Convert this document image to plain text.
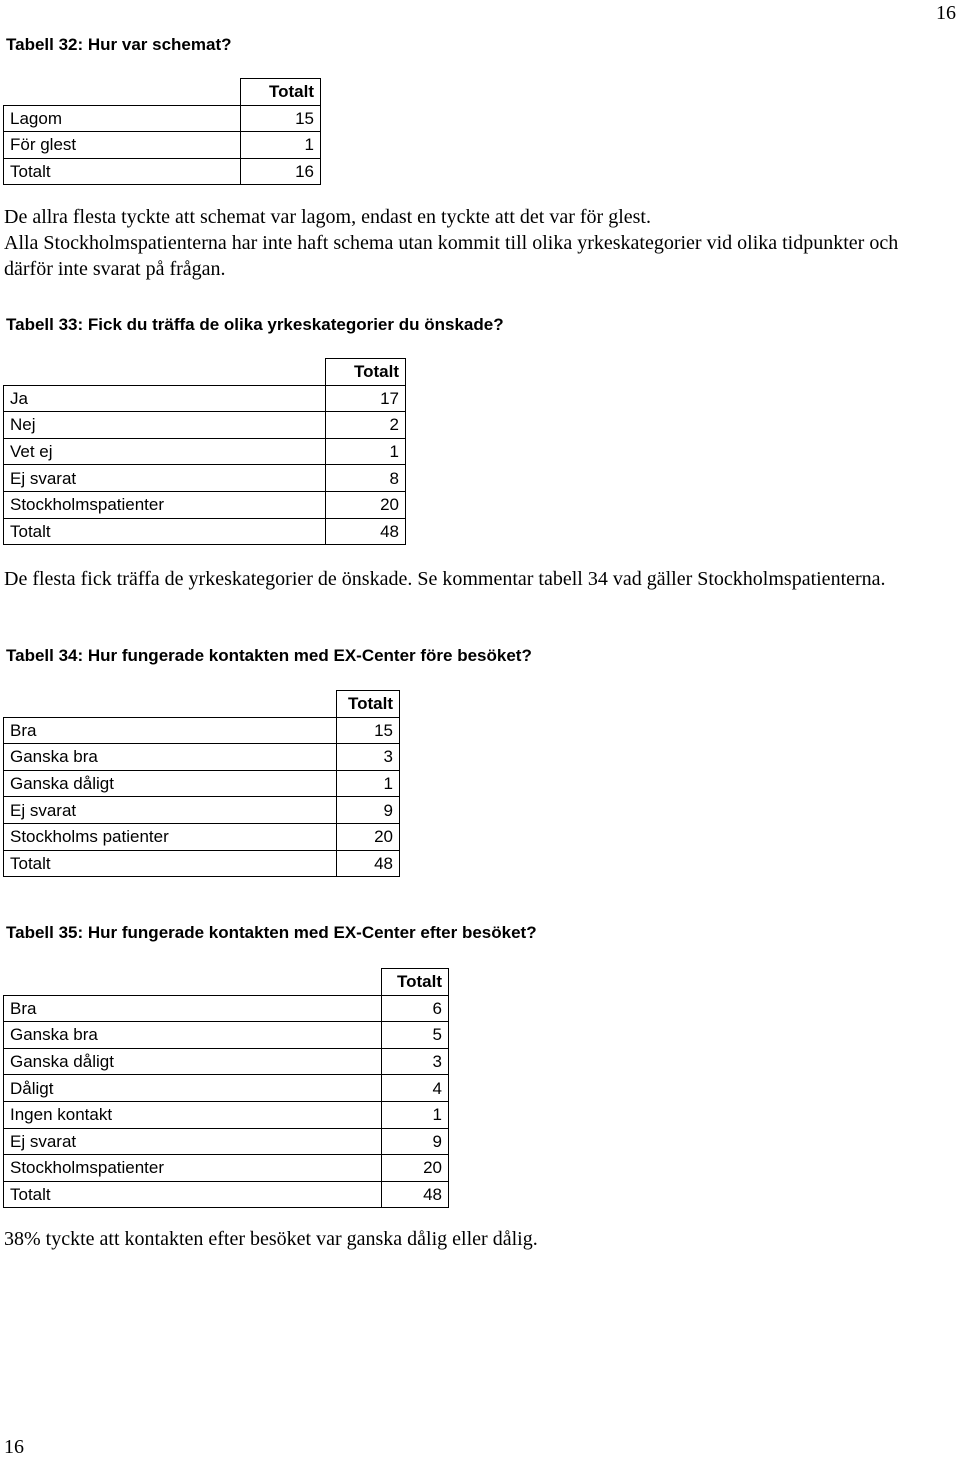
16
Tabell 32: Hur var schemat?
	Totalt
Lagom	15
För glest	1
Totalt	16

De allra flesta tyckte att schemat var lagom, endast en tyckte att det var för glest.

Alla Stockholmspatienterna har inte haft schema utan kommit till olika yrkeskategorier vid olika tidpunkter och därför inte svarat på frågan.

Tabell 33: Fick du träffa de olika yrkeskategorier du önskade?
	Totalt
Ja	17
Nej	2
Vet ej	1
Ej svarat	8
Stockholmspatienter	20
Totalt	48

De flesta fick träffa de yrkeskategorier de önskade. Se kommentar tabell 34 vad gäller Stockholmspatienterna.

Tabell 34: Hur fungerade kontakten med EX-Center före besöket?
	Totalt
Bra	15
Ganska bra	3
Ganska dåligt	1
Ej svarat	9
Stockholms patienter	20
Totalt	48
Tabell 35: Hur fungerade kontakten med EX-Center efter besöket?
	Totalt
Bra	6
Ganska bra	5
Ganska dåligt	3
Dåligt	4
Ingen kontakt	1
Ej svarat	9
Stockholmspatienter	20
Totalt	48

38% tyckte att kontakten efter besöket var ganska dålig eller dålig.

16
